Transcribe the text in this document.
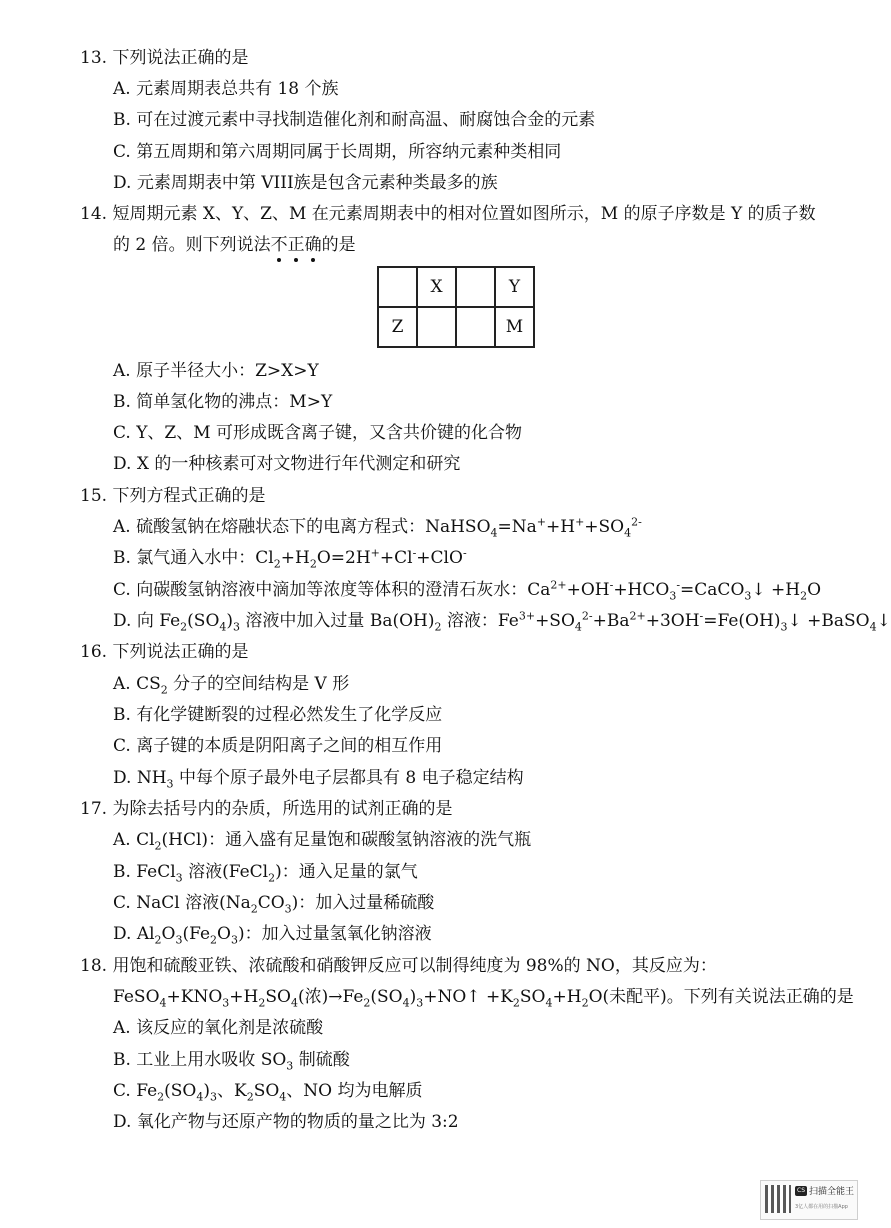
13. 下列说法正确的是
A. 元素周期表总共有 18 个族
B. 可在过渡元素中寻找制造催化剂和耐高温、耐腐蚀合金的元素
C. 第五周期和第六周期同属于长周期，所容纳元素种类相同
D. 元素周期表中第 VIII族是包含元素种类最多的族
14. 短周期元素 X、Y、Z、M 在元素周期表中的相对位置如图所示，M 的原子序数是 Y 的质子数
的 2 倍。则下列说法不正确的是
	X		Y
Z			M
A. 原子半径大小：Z>X>Y
B. 简单氢化物的沸点：M>Y
C. Y、Z、M 可形成既含离子键，又含共价键的化合物
D. X 的一种核素可对文物进行年代测定和研究
15. 下列方程式正确的是
A. 硫酸氢钠在熔融状态下的电离方程式：$NaHSO_4=Na^++H^++SO_4^{2-}$
B. 氯气通入水中：$Cl_2+H_2O=2H^++Cl^-+ClO^-$
C. 向碳酸氢钠溶液中滴加等浓度等体积的澄清石灰水：$Ca^{2+}+OH^-+HCO_3^-=CaCO_3↓ +H_2O$
D. 向 $Fe_2(SO_4)_3$ 溶液中加入过量 $Ba(OH)_2$ 溶液：$Fe^{3+}+SO_4^{2-}+Ba^{2+}+3OH^-=Fe(OH)_3↓$ +BaSO$_4$↓
16. 下列说法正确的是
A. $CS_2$ 分子的空间结构是 V 形
B. 有化学键断裂的过程必然发生了化学反应
C. 离子键的本质是阴阳离子之间的相互作用
D. $NH_3$ 中每个原子最外电子层都具有 8 电子稳定结构
17. 为除去括号内的杂质，所选用的试剂正确的是
A. $Cl_2(HCl)$：通入盛有足量饱和碳酸氢钠溶液的洗气瓶
B. FeCl$_3$ 溶液(FeCl$_2$)：通入足量的氯气
C. NaCl 溶液$(Na_2CO_3)$：加入过量稀硫酸
D. $Al_2O_3(Fe_2O_3)$：加入过量氢氧化钠溶液
18. 用饱和硫酸亚铁、浓硫酸和硝酸钾反应可以制得纯度为 98%的 NO，其反应为：
$FeSO_4+KNO_3+H_2SO_4$(浓)$\to Fe_2(SO_4)_3+NO↑ +K_2SO_4+H_2O$(未配平)。下列有关说法正确的是
A. 该反应的氧化剂是浓硫酸
B. 工业上用水吸收 $SO_3$ 制硫酸
C. $Fe_2(SO_4)_3$、$K_2SO_4$、NO 均为电解质
D. 氧化产物与还原产物的物质的量之比为 3:2
CS 扫描全能王
3亿人都在用的扫描App
